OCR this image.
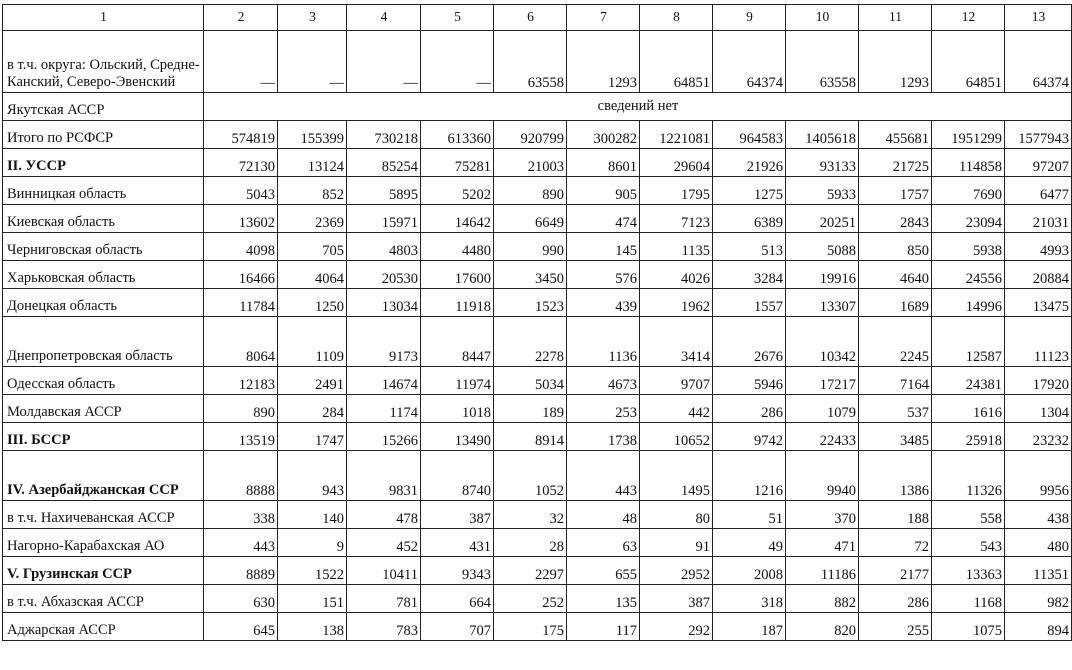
1	2	3	4	5	6	7	8	9	10	11	12	13
в т.ч. округа: Ольский, Средне-Канский, Северо-Эвенский	—	—	—	—	63558	1293	64851	64374	63558	1293	64851	64374
Якутская АССР	сведений нет											
Итого по РСФСР	574819	155399	730218	613360	920799	300282	1221081	964583	1405618	455681	1951299	1577943
II. УССР	72130	13124	85254	75281	21003	8601	29604	21926	93133	21725	114858	97207
Винницкая область	5043	852	5895	5202	890	905	1795	1275	5933	1757	7690	6477
Киевская область	13602	2369	15971	14642	6649	474	7123	6389	20251	2843	23094	21031
Черниговская область	4098	705	4803	4480	990	145	1135	513	5088	850	5938	4993
Харьковская область	16466	4064	20530	17600	3450	576	4026	3284	19916	4640	24556	20884
Донецкая область	11784	1250	13034	11918	1523	439	1962	1557	13307	1689	14996	13475
Днепропетровская область	8064	1109	9173	8447	2278	1136	3414	2676	10342	2245	12587	11123
Одесская область	12183	2491	14674	11974	5034	4673	9707	5946	17217	7164	24381	17920
Молдавская АССР	890	284	1174	1018	189	253	442	286	1079	537	1616	1304
III. БССР	13519	1747	15266	13490	8914	1738	10652	9742	22433	3485	25918	23232
IV. Азербайджанская ССР	8888	943	9831	8740	1052	443	1495	1216	9940	1386	11326	9956
в т.ч. Нахичеванская АССР	338	140	478	387	32	48	80	51	370	188	558	438
Нагорно-Карабахская АО	443	9	452	431	28	63	91	49	471	72	543	480
V. Грузинская ССР	8889	1522	10411	9343	2297	655	2952	2008	11186	2177	13363	11351
в т.ч. Абхазская АССР	630	151	781	664	252	135	387	318	882	286	1168	982
Аджарская АССР	645	138	783	707	175	117	292	187	820	255	1075	894
